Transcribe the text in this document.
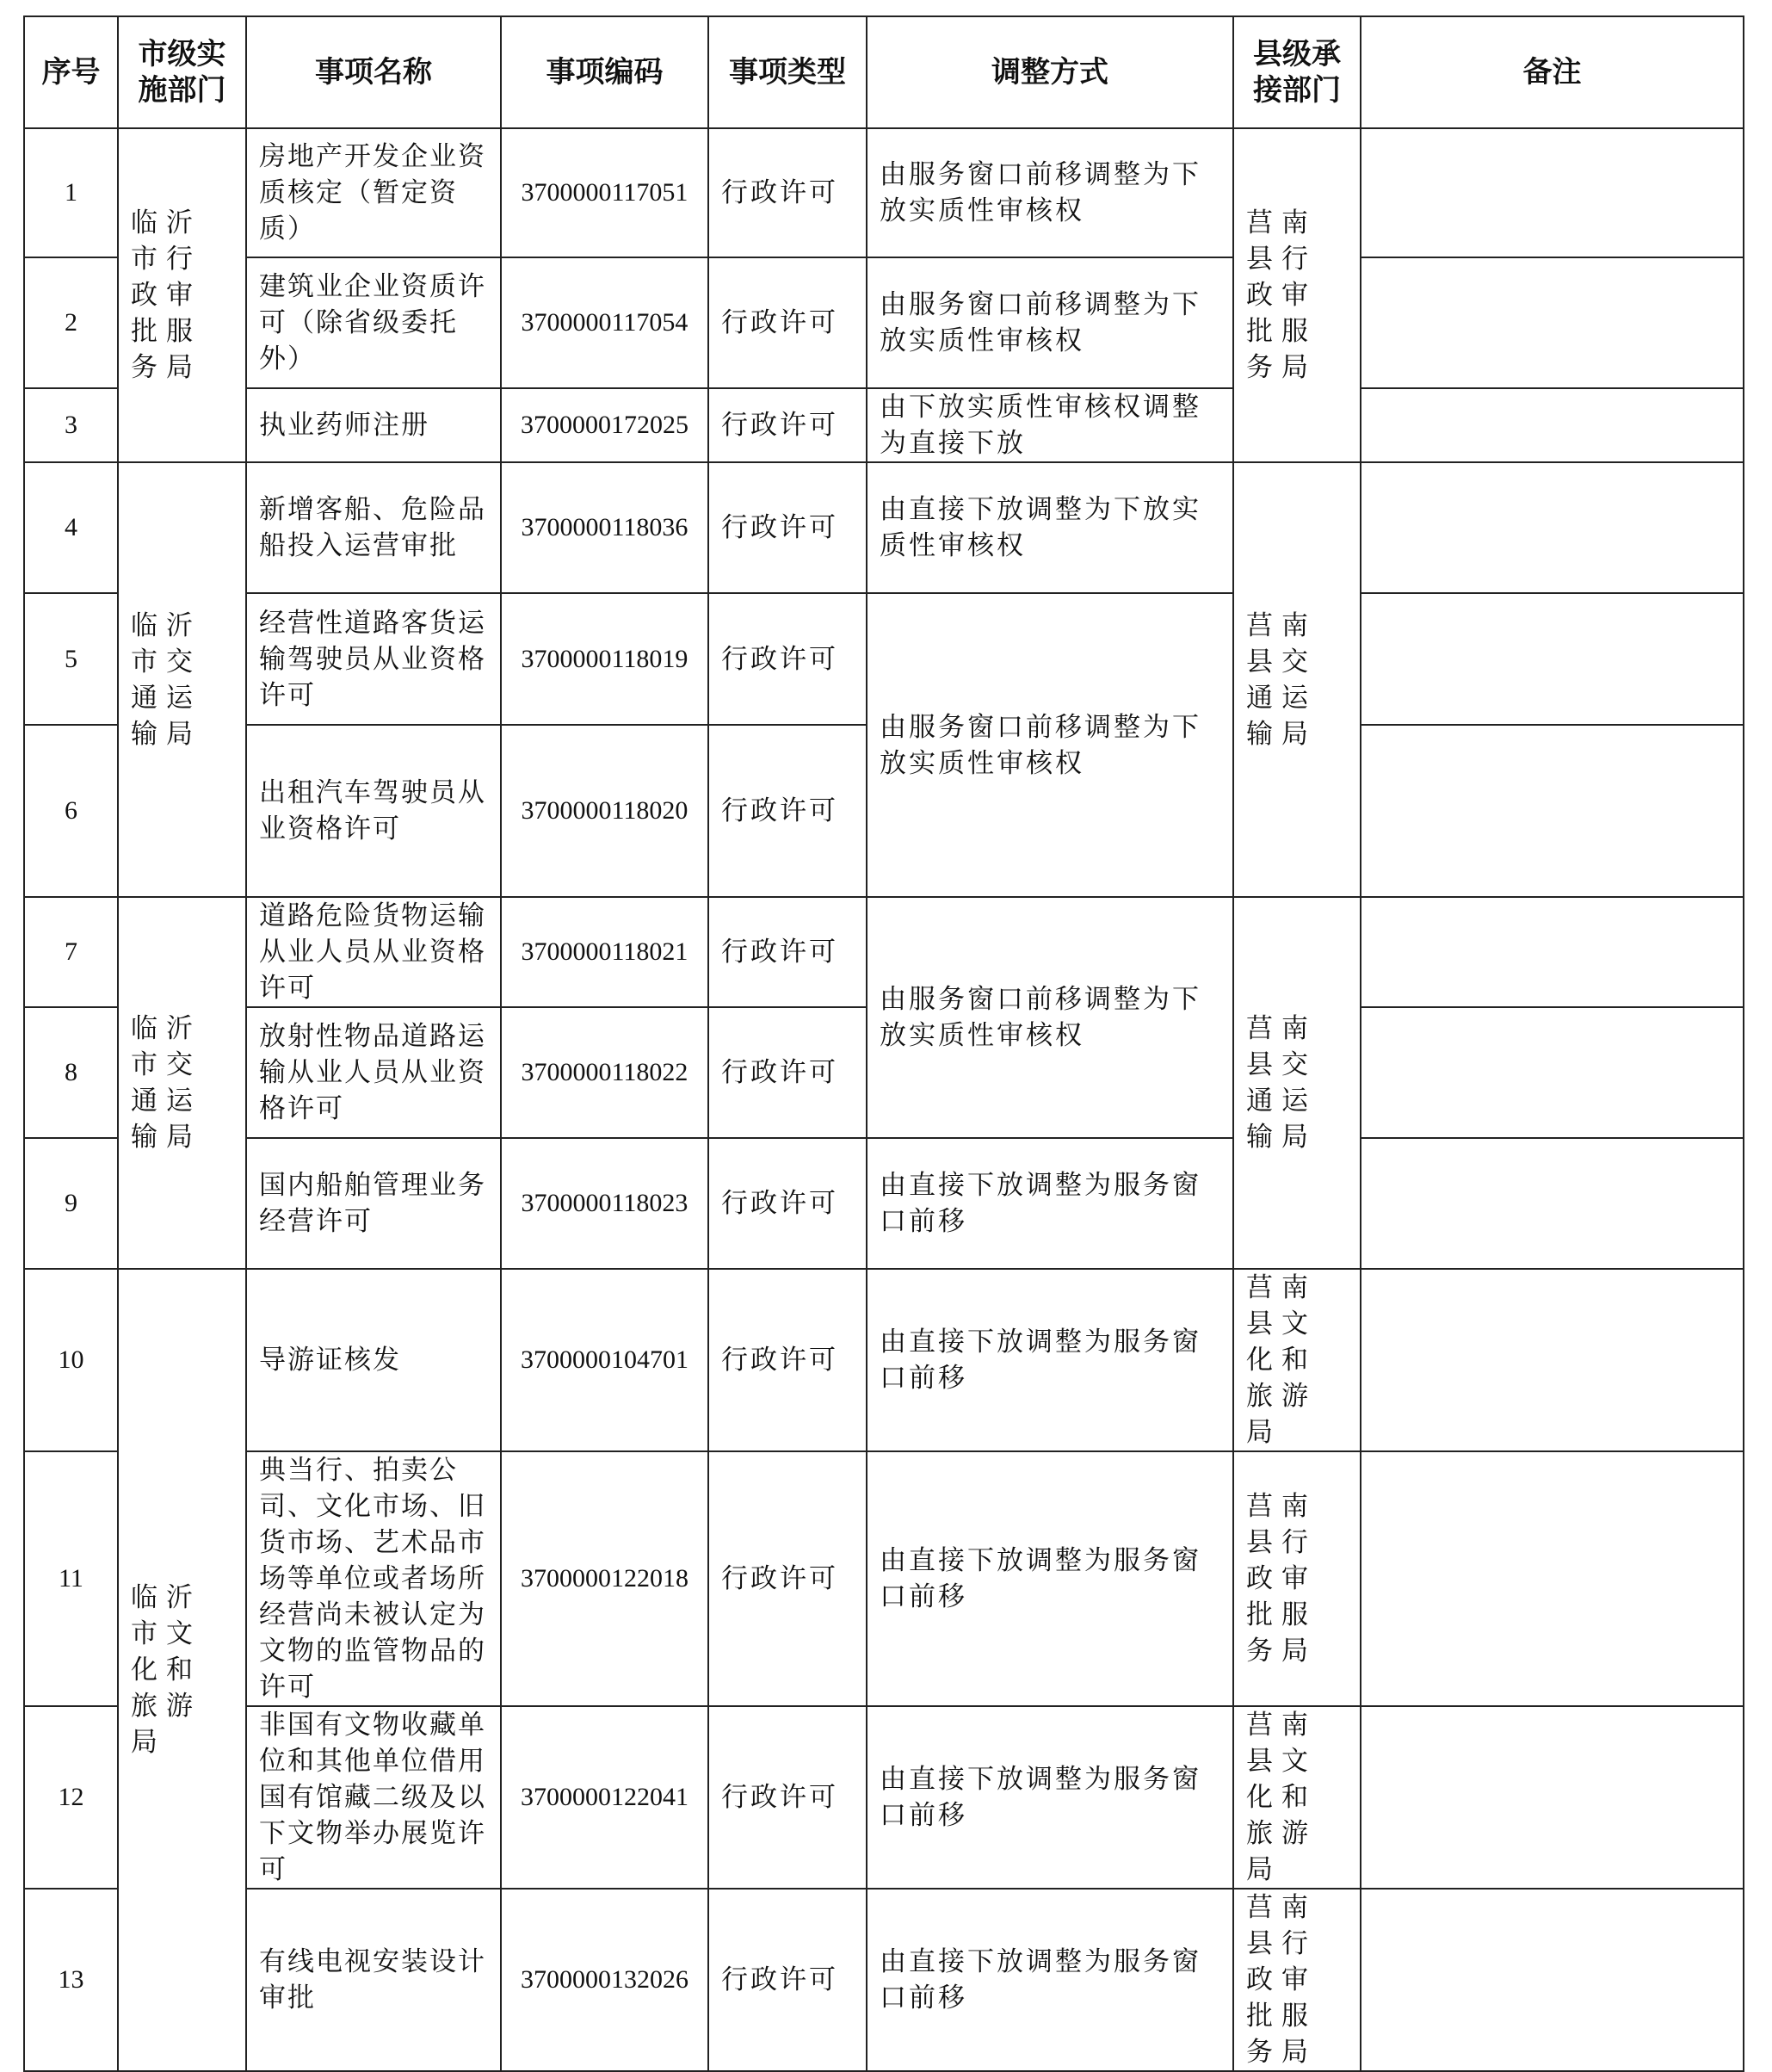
序号	市级实施部门	事项名称	事项编码	事项类型	调整方式	县级承接部门	备注
1	临沂市行政审批服务局	房地产开发企业资质核定（暂定资质）	3700000117051	行政许可	由服务窗口前移调整为下放实质性审核权	莒南县行政审批服务局	
2		建筑业企业资质许可（除省级委托外）	3700000117054	行政许可	由服务窗口前移调整为下放实质性审核权		
3		执业药师注册	3700000172025	行政许可	由下放实质性审核权调整为直接下放		
4	临沂市交通运输局	新增客船、危险品船投入运营审批	3700000118036	行政许可	由直接下放调整为下放实质性审核权	莒南县交通运输局	
5		经营性道路客货运输驾驶员从业资格许可	3700000118019	行政许可	由服务窗口前移调整为下放实质性审核权		
6		出租汽车驾驶员从业资格许可	3700000118020	行政许可			
7	临沂市交通运输局	道路危险货物运输从业人员从业资格许可	3700000118021	行政许可	由服务窗口前移调整为下放实质性审核权	莒南县交通运输局	
8		放射性物品道路运输从业人员从业资格许可	3700000118022	行政许可			
9		国内船舶管理业务经营许可	3700000118023	行政许可	由直接下放调整为服务窗口前移		
10	临沂市文化和旅游局	导游证核发	3700000104701	行政许可	由直接下放调整为服务窗口前移	莒南县文化和旅游局	
11		典当行、拍卖公司、文化市场、旧货市场、艺术品市场等单位或者场所经营尚未被认定为文物的监管物品的许可	3700000122018	行政许可	由直接下放调整为服务窗口前移	莒南县行政审批服务局	
12		非国有文物收藏单位和其他单位借用国有馆藏二级及以下文物举办展览许可	3700000122041	行政许可	由直接下放调整为服务窗口前移	莒南县文化和旅游局	
13		有线电视安装设计审批	3700000132026	行政许可	由直接下放调整为服务窗口前移	莒南县行政审批服务局	
